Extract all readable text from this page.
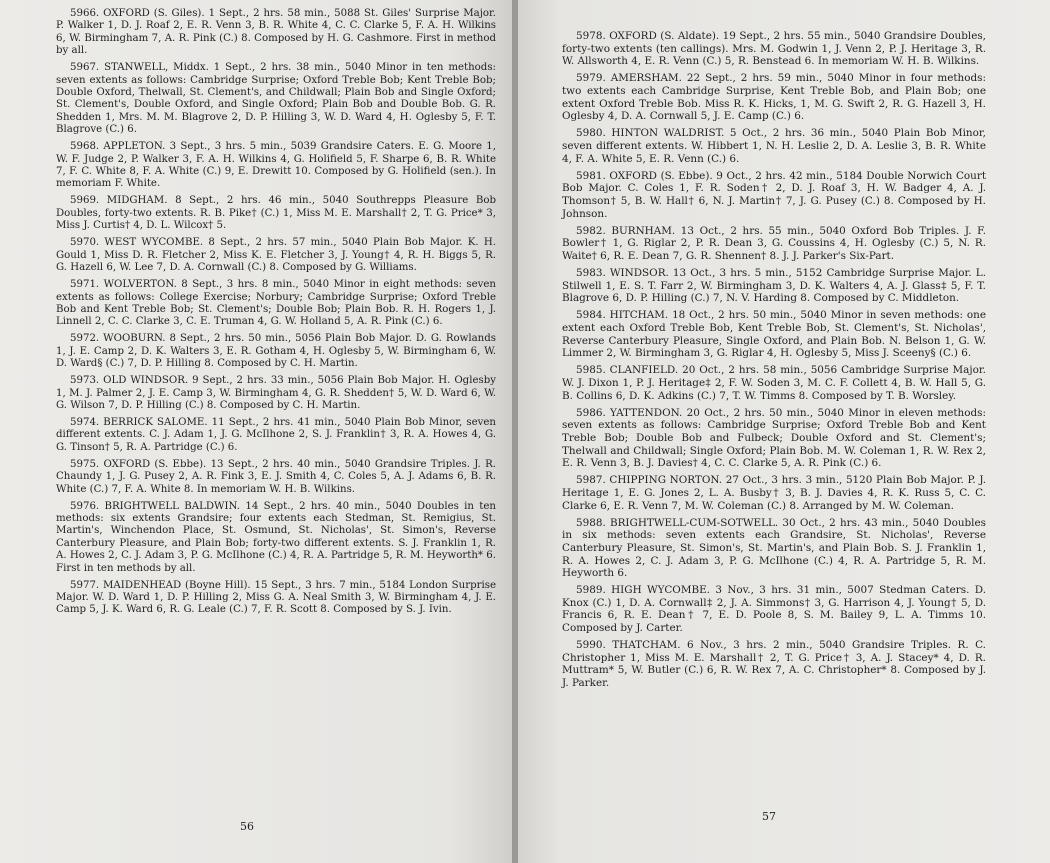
5966. OXFORD (S. Giles). 1 Sept., 2 hrs. 58 min., 5088 St. Giles' Surprise Major. P. Walker 1, D. J. Roaf 2, E. R. Venn 3, B. R. White 4, C. C. Clarke 5, F. A. H. Wilkins 6, W. Birmingham 7, A. R. Pink (C.) 8. Composed by H. G. Cashmore. First in method by all.

5967. STANWELL, Middx. 1 Sept., 2 hrs. 38 min., 5040 Minor in ten methods: seven extents as follows: Cambridge Surprise; Oxford Treble Bob; Kent Treble Bob; Double Oxford, Thelwall, St. Clement's, and Childwall; Plain Bob and Single Oxford; St. Clement's, Double Oxford, and Single Oxford; Plain Bob and Double Bob. G. R. Shedden 1, Mrs. M. M. Blagrove 2, D. P. Hilling 3, W. D. Ward 4, H. Oglesby 5, F. T. Blagrove (C.) 6.

5968. APPLETON. 3 Sept., 3 hrs. 5 min., 5039 Grandsire Caters. E. G. Moore 1, W. F. Judge 2, P. Walker 3, F. A. H. Wilkins 4, G. Holifield 5, F. Sharpe 6, B. R. White 7, F. C. White 8, F. A. White (C.) 9, E. Drewitt 10. Composed by G. Holifield (sen.). In memoriam F. White.

5969. MIDGHAM. 8 Sept., 2 hrs. 46 min., 5040 Southrepps Pleasure Bob Doubles, forty-two extents. R. B. Pike† (C.) 1, Miss M. E. Marshall† 2, T. G. Price* 3, Miss J. Curtis† 4, D. L. Wilcox† 5.

5970. WEST WYCOMBE. 8 Sept., 2 hrs. 57 min., 5040 Plain Bob Major. K. H. Gould 1, Miss D. R. Fletcher 2, Miss K. E. Fletcher 3, J. Young† 4, R. H. Biggs 5, R. G. Hazell 6, W. Lee 7, D. A. Cornwall (C.) 8. Composed by G. Williams.

5971. WOLVERTON. 8 Sept., 3 hrs. 8 min., 5040 Minor in eight methods: seven extents as follows: College Exercise; Norbury; Cambridge Surprise; Oxford Treble Bob and Kent Treble Bob; St. Clement's; Double Bob; Plain Bob. R. H. Rogers 1, J. Linnell 2, C. C. Clarke 3, C. E. Truman 4, G. W. Holland 5, A. R. Pink (C.) 6.

5972. WOOBURN. 8 Sept., 2 hrs. 50 min., 5056 Plain Bob Major. D. G. Rowlands 1, J. E. Camp 2, D. K. Walters 3, E. R. Gotham 4, H. Oglesby 5, W. Birmingham 6, W. D. Ward§ (C.) 7, D. P. Hilling 8. Composed by C. H. Martin.

5973. OLD WINDSOR. 9 Sept., 2 hrs. 33 min., 5056 Plain Bob Major. H. Oglesby 1, M. J. Palmer 2, J. E. Camp 3, W. Birmingham 4, G. R. Shedden† 5, W. D. Ward 6, W. G. Wilson 7, D. P. Hilling (C.) 8. Composed by C. H. Martin.

5974. BERRICK SALOME. 11 Sept., 2 hrs. 41 min., 5040 Plain Bob Minor, seven different extents. C. J. Adam 1, J. G. McIlhone 2, S. J. Franklin† 3, R. A. Howes 4, G. G. Tinson† 5, R. A. Partridge (C.) 6.

5975. OXFORD (S. Ebbe). 13 Sept., 2 hrs. 40 min., 5040 Grandsire Triples. J. R. Chaundy 1, J. G. Pusey 2, A. R. Fink 3, E. J. Smith 4, C. Coles 5, A. J. Adams 6, B. R. White (C.) 7, F. A. White 8. In memoriam W. H. B. Wilkins.

5976. BRIGHTWELL BALDWIN. 14 Sept., 2 hrs. 40 min., 5040 Doubles in ten methods: six extents Grandsire; four extents each Stedman, St. Remigius, St. Martin's, Winchendon Place, St. Osmund, St. Nicholas', St. Simon's, Reverse Canterbury Pleasure, and Plain Bob; forty-two different extents. S. J. Franklin 1, R. A. Howes 2, C. J. Adam 3, P. G. McIlhone (C.) 4, R. A. Partridge 5, R. M. Heyworth* 6. First in ten methods by all.

5977. MAIDENHEAD (Boyne Hill). 15 Sept., 3 hrs. 7 min., 5184 London Surprise Major. W. D. Ward 1, D. P. Hilling 2, Miss G. A. Neal Smith 3, W. Birmingham 4, J. E. Camp 5, J. K. Ward 6, R. G. Leale (C.) 7, F. R. Scott 8. Composed by S. J. Ivin.

56

5978. OXFORD (S. Aldate). 19 Sept., 2 hrs. 55 min., 5040 Grandsire Doubles, forty-two extents (ten callings). Mrs. M. Godwin 1, J. Venn 2, P. J. Heritage 3, R. W. Allsworth 4, E. R. Venn (C.) 5, R. Benstead 6. In memoriam W. H. B. Wilkins.

5979. AMERSHAM. 22 Sept., 2 hrs. 59 min., 5040 Minor in four methods: two extents each Cambridge Surprise, Kent Treble Bob, and Plain Bob; one extent Oxford Treble Bob. Miss R. K. Hicks, 1, M. G. Swift 2, R. G. Hazell 3, H. Oglesby 4, D. A. Cornwall 5, J. E. Camp (C.) 6.

5980. HINTON WALDRIST. 5 Oct., 2 hrs. 36 min., 5040 Plain Bob Minor, seven different extents. W. Hibbert 1, N. H. Leslie 2, D. A. Leslie 3, B. R. White 4, F. A. White 5, E. R. Venn (C.) 6.

5981. OXFORD (S. Ebbe). 9 Oct., 2 hrs. 42 min., 5184 Double Norwich Court Bob Major. C. Coles 1, F. R. Soden† 2, D. J. Roaf 3, H. W. Badger 4, A. J. Thomson† 5, B. W. Hall† 6, N. J. Martin† 7, J. G. Pusey (C.) 8. Composed by H. Johnson.

5982. BURNHAM. 13 Oct., 2 hrs. 55 min., 5040 Oxford Bob Triples. J. F. Bowler† 1, G. Riglar 2, P. R. Dean 3, G. Coussins 4, H. Oglesby (C.) 5, N. R. Waite† 6, R. E. Dean 7, G. R. Shennen† 8. J. J. Parker's Six-Part.

5983. WINDSOR. 13 Oct., 3 hrs. 5 min., 5152 Cambridge Surprise Major. L. Stilwell 1, E. S. T. Farr 2, W. Birmingham 3, D. K. Walters 4, A. J. Glass‡ 5, F. T. Blagrove 6, D. P. Hilling (C.) 7, N. V. Harding 8. Composed by C. Middleton.

5984. HITCHAM. 18 Oct., 2 hrs. 50 min., 5040 Minor in seven methods: one extent each Oxford Treble Bob, Kent Treble Bob, St. Clement's, St. Nicholas', Reverse Canterbury Pleasure, Single Oxford, and Plain Bob. N. Belson 1, G. W. Limmer 2, W. Birmingham 3, G. Riglar 4, H. Oglesby 5, Miss J. Sceeny§ (C.) 6.

5985. CLANFIELD. 20 Oct., 2 hrs. 58 min., 5056 Cambridge Surprise Major. W. J. Dixon 1, P. J. Heritage‡ 2, F. W. Soden 3, M. C. F. Collett 4, B. W. Hall 5, G. B. Collins 6, D. K. Adkins (C.) 7, T. W. Timms 8. Composed by T. B. Worsley.

5986. YATTENDON. 20 Oct., 2 hrs. 50 min., 5040 Minor in eleven methods: seven extents as follows: Cambridge Surprise; Oxford Treble Bob and Kent Treble Bob; Double Bob and Fulbeck; Double Oxford and St. Clement's; Thelwall and Childwall; Single Oxford; Plain Bob. M. W. Coleman 1, R. W. Rex 2, E. R. Venn 3, B. J. Davies† 4, C. C. Clarke 5, A. R. Pink (C.) 6.

5987. CHIPPING NORTON. 27 Oct., 3 hrs. 3 min., 5120 Plain Bob Major. P. J. Heritage 1, E. G. Jones 2, L. A. Busby† 3, B. J. Davies 4, R. K. Russ 5, C. C. Clarke 6, E. R. Venn 7, M. W. Coleman (C.) 8. Arranged by M. W. Coleman.

5988. BRIGHTWELL-CUM-SOTWELL. 30 Oct., 2 hrs. 43 min., 5040 Doubles in six methods: seven extents each Grandsire, St. Nicholas', Reverse Canterbury Pleasure, St. Simon's, St. Martin's, and Plain Bob. S. J. Franklin 1, R. A. Howes 2, C. J. Adam 3, P. G. McIlhone (C.) 4, R. A. Partridge 5, R. M. Heyworth 6.

5989. HIGH WYCOMBE. 3 Nov., 3 hrs. 31 min., 5007 Stedman Caters. D. Knox (C.) 1, D. A. Cornwall‡ 2, J. A. Simmons† 3, G. Harrison 4, J. Young† 5, D. Francis 6, R. E. Dean† 7, E. D. Poole 8, S. M. Bailey 9, L. A. Timms 10. Composed by J. Carter.

5990. THATCHAM. 6 Nov., 3 hrs. 2 min., 5040 Grandsire Triples. R. C. Christopher 1, Miss M. E. Marshall† 2, T. G. Price† 3, A. J. Stacey* 4, D. R. Muttram* 5, W. Butler (C.) 6, R. W. Rex 7, A. C. Christopher* 8. Composed by J. J. Parker.

57
